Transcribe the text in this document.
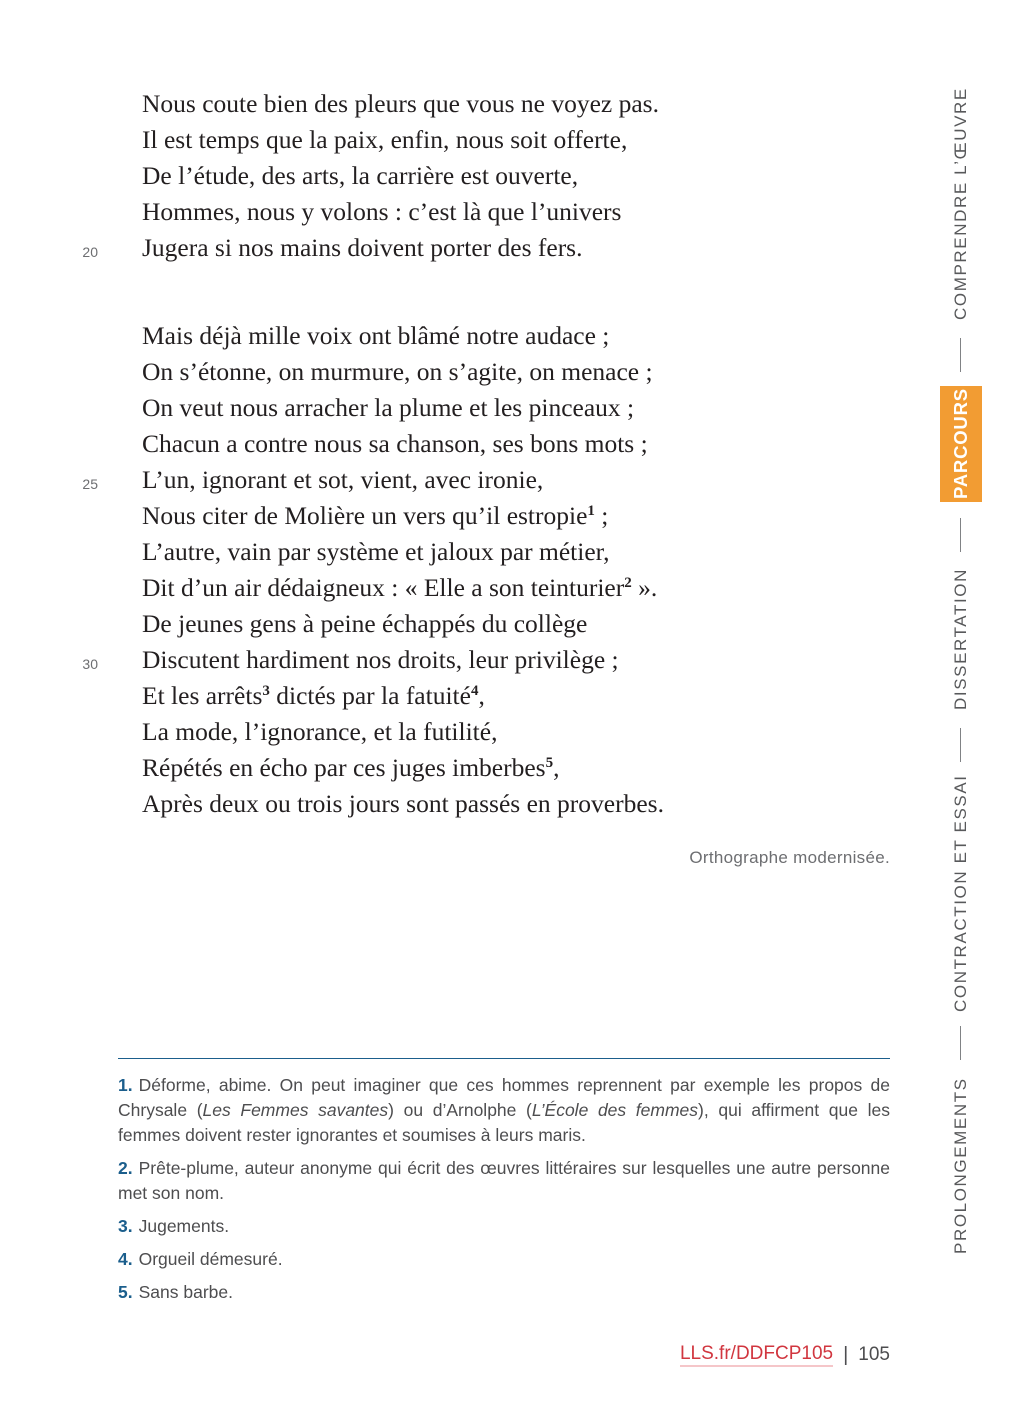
Nous coute bien des pleurs que vous ne voyez pas.
Il est temps que la paix, enfin, nous soit offerte,
De l’étude, des arts, la carrière est ouverte,
Hommes, nous y volons : c’est là que l’univers
20 Jugera si nos mains doivent porter des fers.
Mais déjà mille voix ont blâmé notre audace ;
On s’étonne, on murmure, on s’agite, on menace ;
On veut nous arracher la plume et les pinceaux ;
Chacun a contre nous sa chanson, ses bons mots ;
25 L’un, ignorant et sot, vient, avec ironie,
Nous citer de Molière un vers qu’il estropie$^1$ ;
L’autre, vain par système et jaloux par métier,
Dit d’un air dédaigneux : « Elle a son teinturier$^2$ ».
De jeunes gens à peine échappés du collège
30 Discutent hardiment nos droits, leur privilège ;
Et les arrêts$^3$ dictés par la fatuité$^4$,
La mode, l’ignorance, et la futilité,
Répétés en écho par ces juges imberbes$^5$,
Après deux ou trois jours sont passés en proverbes.
Orthographe modernisée.

1. Déforme, abime. On peut imaginer que ces hommes reprennent par exemple les propos de Chrysale (Les Femmes savantes) ou d’Arnolphe (L’École des femmes), qui affirment que les femmes doivent rester ignorantes et soumises à leurs maris.

2. Prête-plume, auteur anonyme qui écrit des œuvres littéraires sur lesquelles une autre personne met son nom.

3. Jugements.

4. Orgueil démesuré.

5. Sans barbe.

COMPRENDRE L’ŒUVRE
PARCOURS
DISSERTATION
CONTRACTION ET ESSAI
PROLONGEMENTS
LLS.fr/DDFCP105 | 105
